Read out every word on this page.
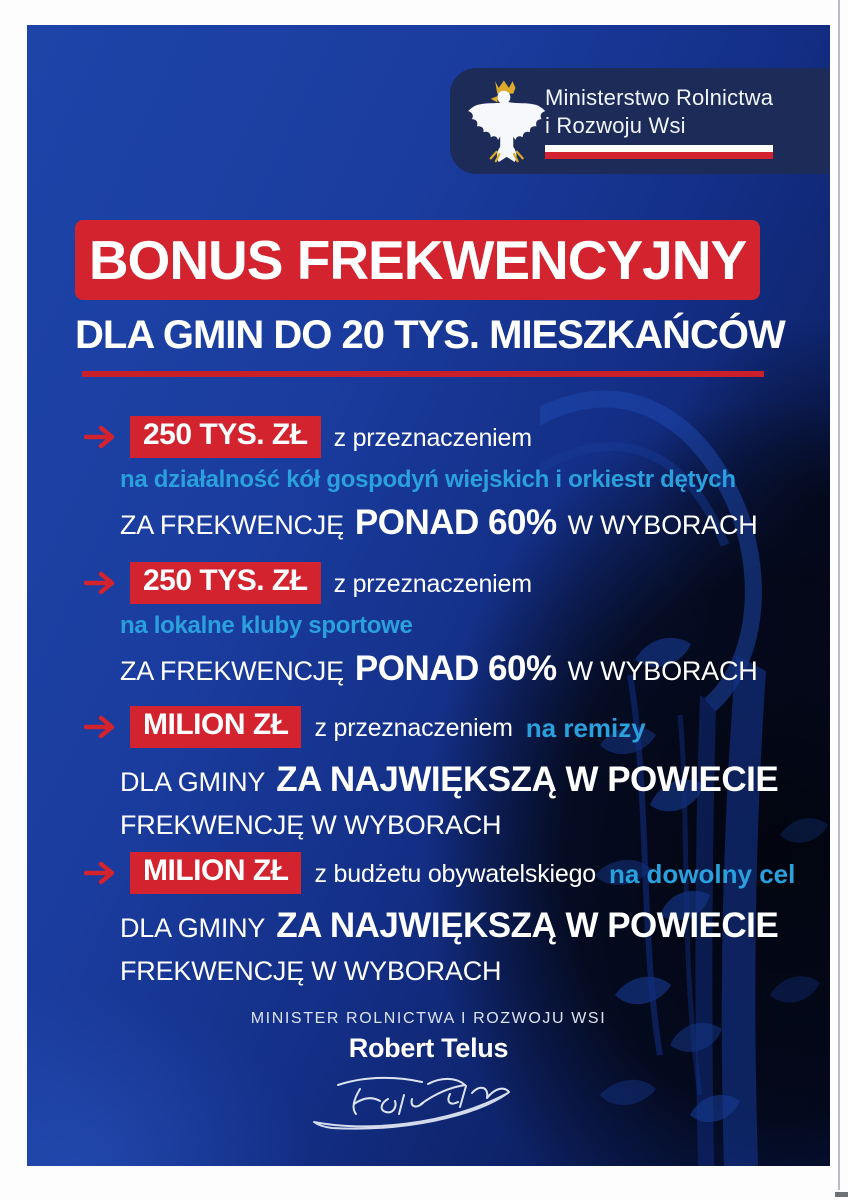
Ministerstwo Rolnictwa
i Rozwoju Wsi
BONUS FREKWENCYJNY
DLA GMIN DO 20 TYS. MIESZKAŃCÓW
250 TYS. ZŁ	z przeznaczeniem
na działalność kół gospodyń wiejskich i orkiestr dętych
ZA FREKWENCJĘ PONAD 60% W WYBORACH
250 TYS. ZŁ	z przeznaczeniem
na lokalne kluby sportowe
ZA FREKWENCJĘ PONAD 60% W WYBORACH
MILION ZŁ	z przeznaczeniem na remizy
DLA GMINY ZA NAJWIĘKSZĄ W POWIECIE
FREKWENCJĘ W WYBORACH
MILION ZŁ	z budżetu obywatelskiego na dowolny cel
DLA GMINY ZA NAJWIĘKSZĄ W POWIECIE
FREKWENCJĘ W WYBORACH
MINISTER ROLNICTWA I ROZWOJU WSI
Robert Telus
